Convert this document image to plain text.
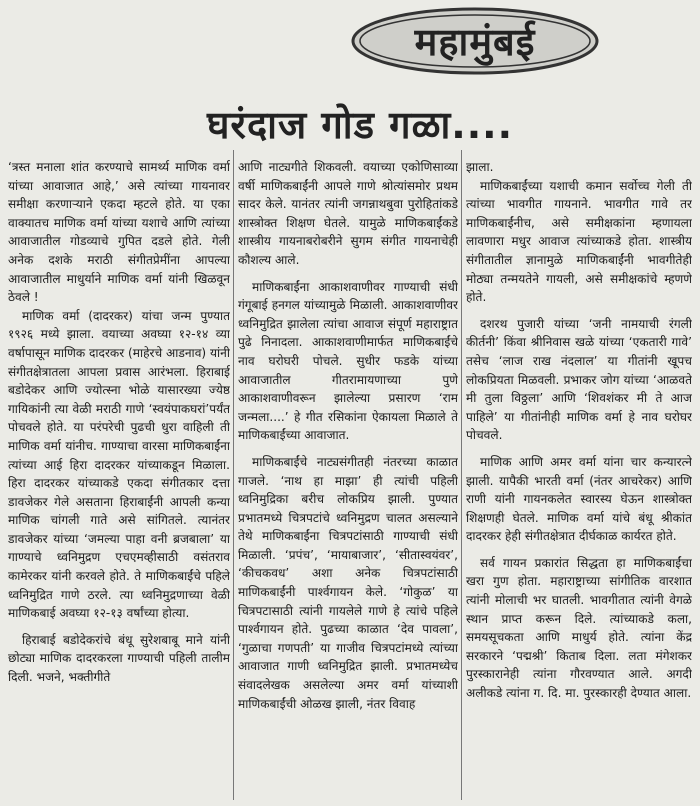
महामुंबई
घरंदाज गोड गळा....

‘त्रस्त मनाला शांत करण्याचे सामर्थ्य माणिक वर्मा यांच्या आवाजात आहे,’ असे त्यांच्या गायनावर समीक्षा करणाऱ्याने एकदा म्हटले होते. या एका वाक्यातच माणिक वर्मा यांच्या यशाचे आणि त्यांच्या आवाजातील गोडव्याचे गुपित दडले होते. गेली अनेक दशके मराठी संगीतप्रेमींना आपल्या आवाजातील माधुर्याने माणिक वर्मा यांनी खिळवून ठेवले !

माणिक वर्मा (दादरकर) यांचा जन्म पुण्यात १९२६ मध्ये झाला. वयाच्या अवघ्या १२-१४ व्या वर्षापासून माणिक दादरकर (माहेरचे आडनाव) यांनी संगीतक्षेत्रातला आपला प्रवास आरंभला. हिराबाई बडोदेकर आणि ज्योत्स्ना भोळे यासारख्या ज्येष्ठ गायिकांनी त्या वेळी मराठी गाणे ‘स्वयंपाकघरां’पर्यंत पोचवले होते. या परंपरेची पुढची धुरा वाहिली ती माणिक वर्मा यांनीच. गाण्याचा वारसा माणिकबाईंना त्यांच्या आई हिरा दादरकर यांच्याकडून मिळाला. हिरा दादरकर यांच्याकडे एकदा संगीतकार दत्ता डावजेकर गेले असताना हिराबाईंनी आपली कन्या माणिक चांगली गाते असे सांगितले. त्यानंतर डावजेकर यांच्या ‘जमल्या पाहा वनी ब्रजबाला’ या गाण्याचे ध्वनिमुद्रण एचएमव्हीसाठी वसंतराव कामेरकर यांनी करवले होते. ते माणिकबाईंचे पहिले ध्वनिमुद्रित गाणे ठरले. त्या ध्वनिमुद्रणाच्या वेळी माणिकबाई अवघ्या १२-१३ वर्षांच्या होत्या.

हिराबाई बडोदेकरांचे बंधू सुरेशबाबू माने यांनी छोट्या माणिक दादरकरला गाण्याची पहिली तालीम दिली. भजने, भक्तीगीते

आणि नाट्यगीते शिकवली. वयाच्या एकोणिसाव्या वर्षी माणिकबाईंनी आपले गाणे श्रोत्यांसमोर प्रथम सादर केले. यानंतर त्यांनी जगन्नाथबुवा पुरोहितांकडे शास्त्रोक्त शिक्षण घेतले. यामुळे माणिकबाईंकडे शास्त्रीय गायनाबरोबरीने सुगम संगीत गायनाचेही कौशल्य आले.

माणिकबाईंना आकाशवाणीवर गाण्याची संधी गंगूबाई हनगल यांच्यामुळे मिळाली. आकाशवाणीवर ध्वनिमुद्रित झालेला त्यांचा आवाज संपूर्ण महाराष्ट्रात पुढे निनादला. आकाशवाणीमार्फत माणिकबाईंचे नाव घरोघरी पोचले. सुधीर फडके यांच्या आवाजातील गीतरामायणाच्या पुणे आकाशवाणीवरून झालेल्या प्रसारण ‘राम जन्मला....’ हे गीत रसिकांना ऐकायला मिळाले ते माणिकबाईंच्या आवाजात.

माणिकबाईंचे नाट्यसंगीतही नंतरच्या काळात गाजले. ‘नाथ हा माझा’ ही त्यांची पहिली ध्वनिमुद्रिका बरीच लोकप्रिय झाली. पुण्यात प्रभातमध्ये चित्रपटांचे ध्वनिमुद्रण चालत असल्याने तेथे माणिकबाईंना चित्रपटांसाठी गाण्याची संधी मिळाली. ‘प्रपंच’, ‘मायाबाजार’, ‘सीतास्वयंवर’, ‘कीचकवध’ अशा अनेक चित्रपटांसाठी माणिकबाईंनी पार्श्वगायन केले. ‘गोकुळ’ या चित्रपटासाठी त्यांनी गायलेले गाणे हे त्यांचे पहिले पार्श्वगायन होते. पुढच्या काळात ‘देव पावला’, ‘गुळाचा गणपती’ या गाजीव चित्रपटांमध्ये त्यांच्या आवाजात गाणी ध्वनिमुद्रित झाली. प्रभातमध्येच संवादलेखक असलेल्या अमर वर्मा यांच्याशी माणिकबाईंची ओळख झाली, नंतर विवाह

झाला.

माणिकबाईंच्या यशाची कमान सर्वोच्च गेली ती त्यांच्या भावगीत गायनाने. भावगीत गावे तर माणिकबाईंनीच, असे समीक्षकांना म्हणायला लावणारा मधुर आवाज त्यांच्याकडे होता. शास्त्रीय संगीतातील ज्ञानामुळे माणिकबाईंनी भावगीतेही मोठ्या तन्मयतेने गायली, असे समीक्षकांचे म्हणणे होते.

दशरथ पुजारी यांच्या ‘जनी नामयाची रंगली कीर्तनी’ किंवा श्रीनिवास खळे यांच्या ‘एकतारी गावे’ तसेच ‘लाज राख नंदलाल’ या गीतांनी खूपच लोकप्रियता मिळवली. प्रभाकर जोग यांच्या ‘आळवते मी तुला विठ्ठला’ आणि ‘शिवशंकर मी ते आज पाहिले’ या गीतांनीही माणिक वर्मा हे नाव घरोघर पोचवले.

माणिक आणि अमर वर्मा यांना चार कन्यारत्ने झाली. यापैकी भारती वर्मा (नंतर आचरेकर) आणि राणी यांनी गायनकलेत स्वारस्य घेऊन शास्त्रोक्त शिक्षणही घेतले. माणिक वर्मा यांचे बंधू श्रीकांत दादरकर हेही संगीतक्षेत्रात दीर्घकाळ कार्यरत होते.

सर्व गायन प्रकारांत सिद्धता हा माणिकबाईंचा खरा गुण होता. महाराष्ट्राच्या सांगीतिक वारशात त्यांनी मोलाची भर घातली. भावगीतात त्यांनी वेगळे स्थान प्राप्त करून दिले. त्यांच्याकडे कला, समयसूचकता आणि माधुर्य होते. त्यांना केंद्र सरकारने ‘पद्मश्री’ किताब दिला. लता मंगेशकर पुरस्कारानेही त्यांना गौरवण्यात आले. अगदी अलीकडे त्यांना ग. दि. मा. पुरस्कारही देण्यात आला.
